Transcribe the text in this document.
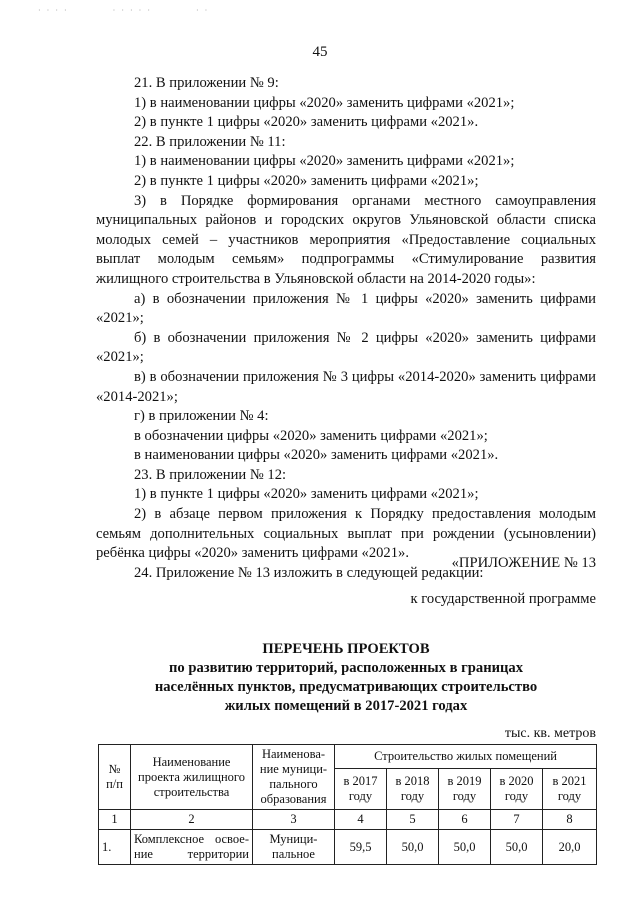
· · · ·	· · · · ·	· ·
45

21. В приложении № 9:

1) в наименовании цифры «2020» заменить цифрами «2021»;

2) в пункте 1 цифры «2020» заменить цифрами «2021».

22. В приложении № 11:

1) в наименовании цифры «2020» заменить цифрами «2021»;

2) в пункте 1 цифры «2020» заменить цифрами «2021»;

3) в Порядке формирования органами местного самоуправления муниципальных районов и городских округов Ульяновской области списка молодых семей – участников мероприятия «Предоставление социальных выплат молодым семьям» подпрограммы «Стимулирование развития жилищного строительства в Ульяновской области на 2014-2020 годы»:

а) в обозначении приложения № 1 цифры «2020» заменить цифрами «2021»;

б) в обозначении приложения № 2 цифры «2020» заменить цифрами «2021»;

в) в обозначении приложения № 3 цифры «2014-2020» заменить цифрами «2014-2021»;

г) в приложении № 4:

в обозначении цифры «2020» заменить цифрами «2021»;

в наименовании цифры «2020» заменить цифрами «2021».

23. В приложении № 12:

1) в пункте 1 цифры «2020» заменить цифрами «2021»;

2) в абзаце первом приложения к Порядку предоставления молодым семьям дополнительных социальных выплат при рождении (усыновлении) ребёнка цифры «2020» заменить цифрами «2021».

24. Приложение № 13 изложить в следующей редакции:

«ПРИЛОЖЕНИЕ № 13
к государственной программе
ПЕРЕЧЕНЬ ПРОЕКТОВ
по развитию территорий, расположенных в границах
населённых пунктов, предусматривающих строительство
жилых помещений в 2017-2021 годах
тыс. кв. метров
№ п/п	Наименование проекта жилищного строительства	Наименова-ние муници-пального образования	Строительство жилых помещений				
			в 2017 году	в 2018 году	в 2019 году	в 2020 году	в 2021 году
1	2	3	4	5	6	7	8
1.	Комплексное освое-ние территории	Муници-пальное	59,5	50,0	50,0	50,0	20,0
